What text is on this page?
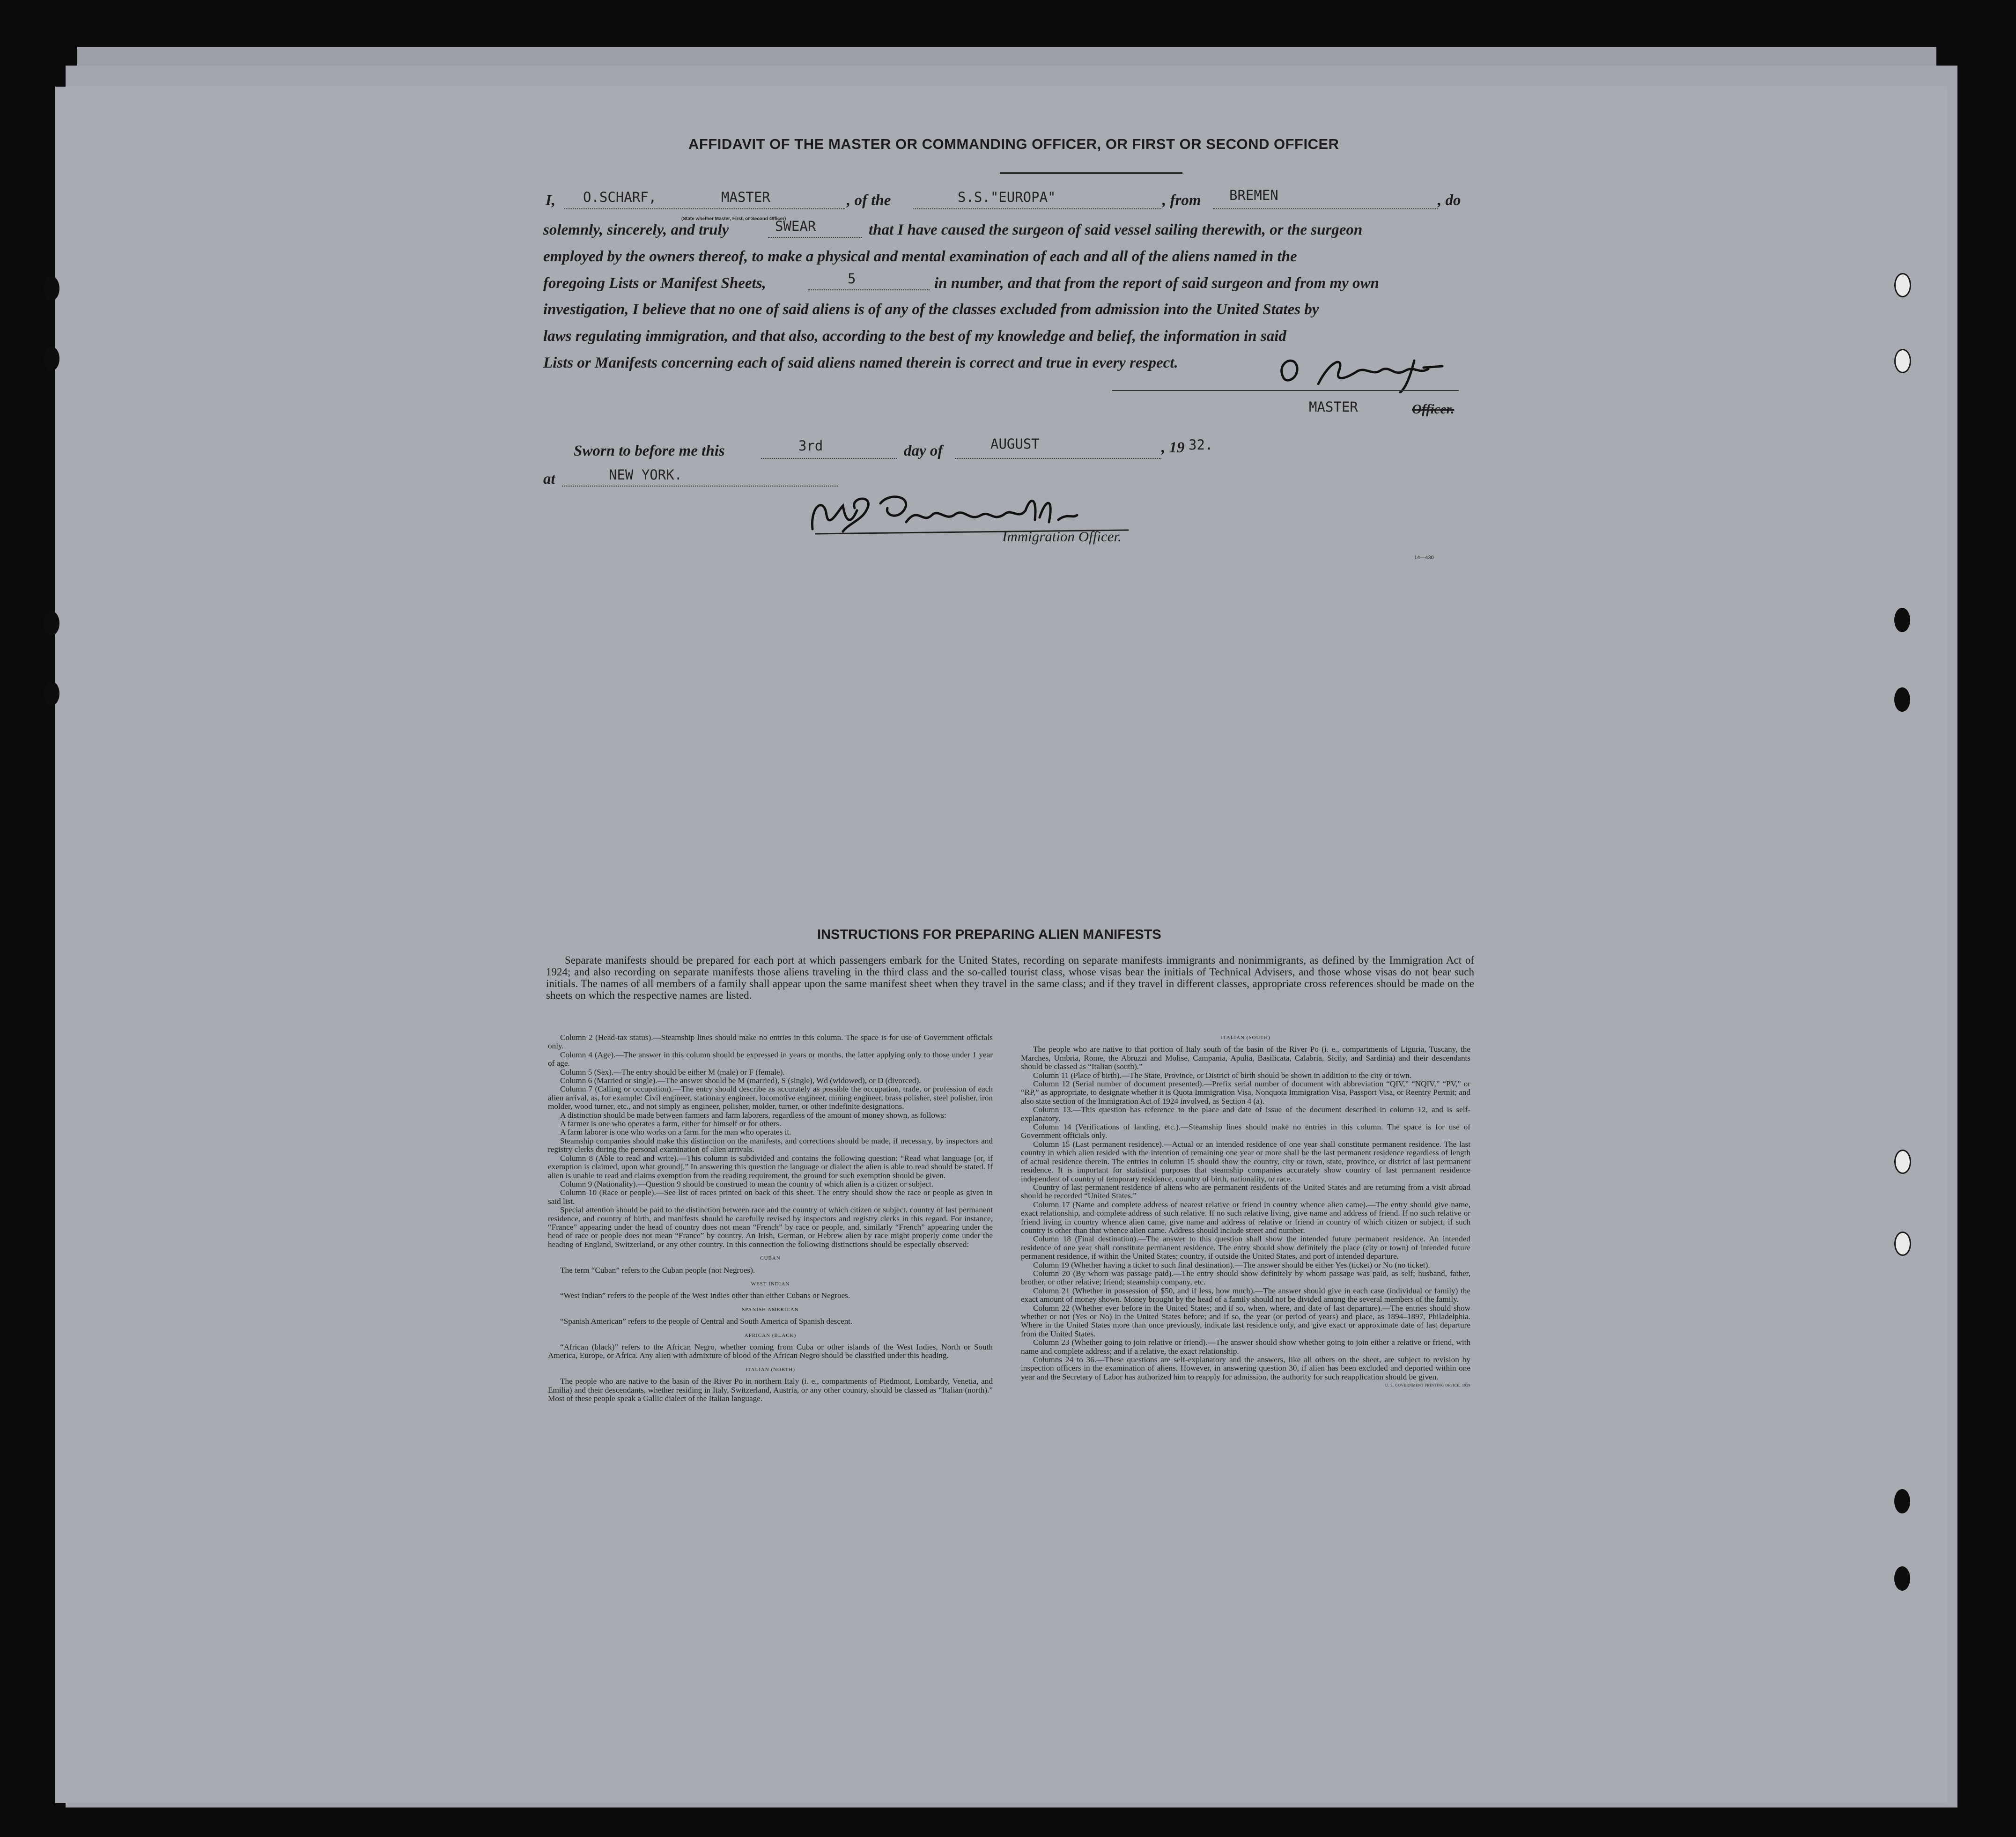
AFFIDAVIT OF THE MASTER OR COMMANDING OFFICER, OR FIRST OR SECOND OFFICER
I, O.SCHARF,	MASTER
(State whether Master, First, or Second Officer)
, of the	S.S."EUROPA"	, from BREMEN	, do
solemnly, sincerely, and truly	SWEAR	that I have caused the surgeon of said vessel sailing therewith, or the surgeon
employed by the owners thereof, to make a physical and mental examination of each and all of the aliens named in the
foregoing Lists or Manifest Sheets,	5	in number, and that from the report of said surgeon and from my own
investigation, I believe that no one of said aliens is of any of the classes excluded from admission into the United States by
laws regulating immigration, and that also, according to the best of my knowledge and belief, the information in said
Lists or Manifests concerning each of said aliens named therein is correct and true in every respect.
MASTER	Officer.
Sworn to before me this	3rd	day of	AUGUST	, 19 32.
at	NEW YORK.
Immigration Officer.
14—430
INSTRUCTIONS FOR PREPARING ALIEN MANIFESTS
Separate manifests should be prepared for each port at which passengers embark for the United States, recording on separate manifests immigrants and nonimmigrants, as defined by the Immigration Act of 1924; and also recording on separate manifests those aliens traveling in the third class and the so-called tourist class, whose visas bear the initials of Technical Advisers, and those whose visas do not bear such initials. The names of all members of a family shall appear upon the same manifest sheet when they travel in the same class; and if they travel in different classes, appropriate cross references should be made on the sheets on which the respective names are listed.

Column 2 (Head-tax status).—Steamship lines should make no entries in this column. The space is for use of Government officials only.

Column 4 (Age).—The answer in this column should be expressed in years or months, the latter applying only to those under 1 year of age.

Column 5 (Sex).—The entry should be either M (male) or F (female).

Column 6 (Married or single).—The answer should be M (married), S (single), Wd (widowed), or D (divorced).

Column 7 (Calling or occupation).—The entry should describe as accurately as possible the occupation, trade, or profession of each alien arrival, as, for example: Civil engineer, stationary engineer, locomotive engineer, mining engineer, brass polisher, steel polisher, iron molder, wood turner, etc., and not simply as engineer, polisher, molder, turner, or other indefinite designations.

A distinction should be made between farmers and farm laborers, regardless of the amount of money shown, as follows:

A farmer is one who operates a farm, either for himself or for others.

A farm laborer is one who works on a farm for the man who operates it.

Steamship companies should make this distinction on the manifests, and corrections should be made, if necessary, by inspectors and registry clerks during the personal examination of alien arrivals.

Column 8 (Able to read and write).—This column is subdivided and contains the following question: “Read what language [or, if exemption is claimed, upon what ground].” In answering this question the language or dialect the alien is able to read should be stated. If alien is unable to read and claims exemption from the reading requirement, the ground for such exemption should be given.

Column 9 (Nationality).—Question 9 should be construed to mean the country of which alien is a citizen or subject.

Column 10 (Race or people).—See list of races printed on back of this sheet. The entry should show the race or people as given in said list.

Special attention should be paid to the distinction between race and the country of which citizen or subject, country of last permanent residence, and country of birth, and manifests should be carefully revised by inspectors and registry clerks in this regard. For instance, “France” appearing under the head of country does not mean “French” by race or people, and, similarly “French” appearing under the head of race or people does not mean “France” by country. An Irish, German, or Hebrew alien by race might properly come under the heading of England, Switzerland, or any other country. In this connection the following distinctions should be especially observed:

CUBAN

The term “Cuban” refers to the Cuban people (not Negroes).

WEST INDIAN

“West Indian” refers to the people of the West Indies other than either Cubans or Negroes.

SPANISH AMERICAN

“Spanish American” refers to the people of Central and South America of Spanish descent.

AFRICAN (BLACK)

“African (black)” refers to the African Negro, whether coming from Cuba or other islands of the West Indies, North or South America, Europe, or Africa. Any alien with admixture of blood of the African Negro should be classified under this heading.

ITALIAN (NORTH)

The people who are native to the basin of the River Po in northern Italy (i. e., compartments of Piedmont, Lombardy, Venetia, and Emilia) and their descendants, whether residing in Italy, Switzerland, Austria, or any other country, should be classed as “Italian (north).” Most of these people speak a Gallic dialect of the Italian language.

ITALIAN (SOUTH)

The people who are native to that portion of Italy south of the basin of the River Po (i. e., compartments of Liguria, Tuscany, the Marches, Umbria, Rome, the Abruzzi and Molise, Campania, Apulia, Basilicata, Calabria, Sicily, and Sardinia) and their descendants should be classed as “Italian (south).”

Column 11 (Place of birth).—The State, Province, or District of birth should be shown in addition to the city or town.

Column 12 (Serial number of document presented).—Prefix serial number of document with abbreviation “QIV,” “NQIV,” “PV,” or “RP,” as appropriate, to designate whether it is Quota Immigration Visa, Nonquota Immigration Visa, Passport Visa, or Reentry Permit; and also state section of the Immigration Act of 1924 involved, as Section 4 (a).

Column 13.—This question has reference to the place and date of issue of the document described in column 12, and is self-explanatory.

Column 14 (Verifications of landing, etc.).—Steamship lines should make no entries in this column. The space is for use of Government officials only.

Column 15 (Last permanent residence).—Actual or an intended residence of one year shall constitute permanent residence. The last country in which alien resided with the intention of remaining one year or more shall be the last permanent residence regardless of length of actual residence therein. The entries in column 15 should show the country, city or town, state, province, or district of last permanent residence. It is important for statistical purposes that steamship companies accurately show country of last permanent residence independent of country of temporary residence, country of birth, nationality, or race.

Country of last permanent residence of aliens who are permanent residents of the United States and are returning from a visit abroad should be recorded “United States.”

Column 17 (Name and complete address of nearest relative or friend in country whence alien came).—The entry should give name, exact relationship, and complete address of such relative. If no such relative living, give name and address of friend. If no such relative or friend living in country whence alien came, give name and address of relative or friend in country of which citizen or subject, if such country is other than that whence alien came. Address should include street and number.

Column 18 (Final destination).—The answer to this question shall show the intended future permanent residence. An intended residence of one year shall constitute permanent residence. The entry should show definitely the place (city or town) of intended future permanent residence, if within the United States; country, if outside the United States, and port of intended departure.

Column 19 (Whether having a ticket to such final destination).—The answer should be either Yes (ticket) or No (no ticket).

Column 20 (By whom was passage paid).—The entry should show definitely by whom passage was paid, as self; husband, father, brother, or other relative; friend; steamship company, etc.

Column 21 (Whether in possession of $50, and if less, how much).—The answer should give in each case (individual or family) the exact amount of money shown. Money brought by the head of a family should not be divided among the several members of the family.

Column 22 (Whether ever before in the United States; and if so, when, where, and date of last departure).—The entries should show whether or not (Yes or No) in the United States before; and if so, the year (or period of years) and place, as 1894–1897, Philadelphia. Where in the United States more than once previously, indicate last residence only, and give exact or approximate date of last departure from the United States.

Column 23 (Whether going to join relative or friend).—The answer should show whether going to join either a relative or friend, with name and complete address; and if a relative, the exact relationship.

Columns 24 to 36.—These questions are self-explanatory and the answers, like all others on the sheet, are subject to revision by inspection officers in the examination of aliens. However, in answering question 30, if alien has been excluded and deported within one year and the Secretary of Labor has authorized him to reapply for admission, the authority for such reapplication should be given.

U. S. GOVERNMENT PRINTING OFFICE: 1929
